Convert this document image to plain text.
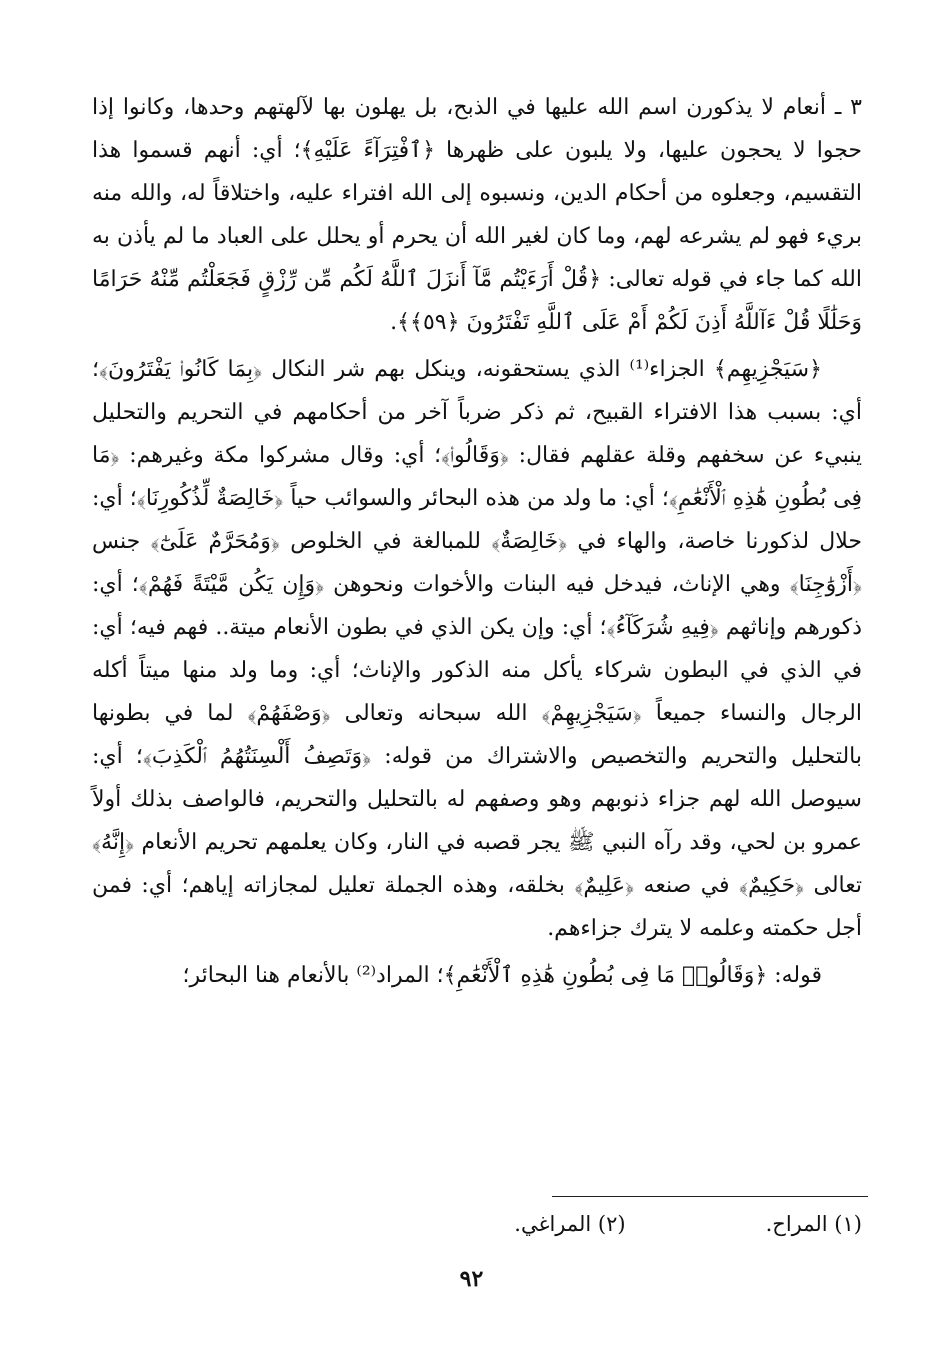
٣ ـ أنعام لا يذكورن اسم الله عليها في الذبح، بل يهلون بها لآلهتهم وحدها، وكانوا إذا حجوا لا يحجون عليها، ولا يلبون على ظهرها ﴿ٱفْتِرَآءً عَلَيْهِ﴾؛ أي: أنهم قسموا هذا التقسيم، وجعلوه من أحكام الدين، ونسبوه إلى الله افتراء عليه، واختلاقاً له، والله منه بريء فهو لم يشرعه لهم، وما كان لغير الله أن يحرم أو يحلل على العباد ما لم يأذن به الله كما جاء في قوله تعالى: ﴿قُلْ أَرَءَيْتُم مَّآ أَنزَلَ ٱللَّهُ لَكُم مِّن رِّزْقٍ فَجَعَلْتُم مِّنْهُ حَرَامًا وَحَلَٰلًا قُلْ ءَآللَّهُ أَذِنَ لَكُمْ أَمْ عَلَى ٱللَّهِ تَفْتَرُونَ ﴿٥٩﴾﴾.

﴿سَيَجْزِيهِم﴾ الجزاء⁽¹⁾ الذي يستحقونه، وينكل بهم شر النكال ﴿بِمَا كَانُوا۟ يَفْتَرُونَ﴾؛ أي: بسبب هذا الافتراء القبيح، ثم ذكر ضرباً آخر من أحكامهم في التحريم والتحليل ينبيء عن سخفهم وقلة عقلهم فقال: ﴿وَقَالُوا۟﴾؛ أي: وقال مشركوا مكة وغيرهم: ﴿مَا فِى بُطُونِ هَٰذِهِ ٱلْأَنْعَٰمِ﴾؛ أي: ما ولد من هذه البحائر والسوائب حياً ﴿خَالِصَةٌ لِّذُكُورِنَا﴾؛ أي: حلال لذكورنا خاصة، والهاء في ﴿خَالِصَةٌ﴾ للمبالغة في الخلوص ﴿وَمُحَرَّمٌ عَلَىٰٓ﴾ جنس ﴿أَزْوَٰجِنَا﴾ وهي الإناث، فيدخل فيه البنات والأخوات ونحوهن ﴿وَإِن يَكُن مَّيْتَةً فَهُمْ﴾؛ أي: ذكورهم وإناثهم ﴿فِيهِ شُرَكَآءُ﴾؛ أي: وإن يكن الذي في بطون الأنعام ميتة.. فهم فيه؛ أي: في الذي في البطون شركاء يأكل منه الذكور والإناث؛ أي: وما ولد منها ميتاً أكله الرجال والنساء جميعاً ﴿سَيَجْزِيهِمْ﴾ الله سبحانه وتعالى ﴿وَصْفَهُمْ﴾ لما في بطونها بالتحليل والتحريم والتخصيص والاشتراك من قوله: ﴿وَتَصِفُ أَلْسِنَتُهُمُ ٱلْكَذِبَ﴾؛ أي: سيوصل الله لهم جزاء ذنوبهم وهو وصفهم له بالتحليل والتحريم، فالواصف بذلك أولاً عمرو بن لحي، وقد رآه النبي ﷺ يجر قصبه في النار، وكان يعلمهم تحريم الأنعام ﴿إِنَّهُ﴾ تعالى ﴿حَكِيمٌ﴾ في صنعه ﴿عَلِيمٌ﴾ بخلقه، وهذه الجملة تعليل لمجازاته إياهم؛ أي: فمن أجل حكمته وعلمه لا يترك جزاءهم.

قوله: ﴿وَقَالُوا۟ مَا فِى بُطُونِ هَٰذِهِ ٱلْأَنْعَٰمِ﴾؛ المراد⁽²⁾ بالأنعام هنا البحائر؛

(١) المراح.
(٢) المراغي.
٩٢
